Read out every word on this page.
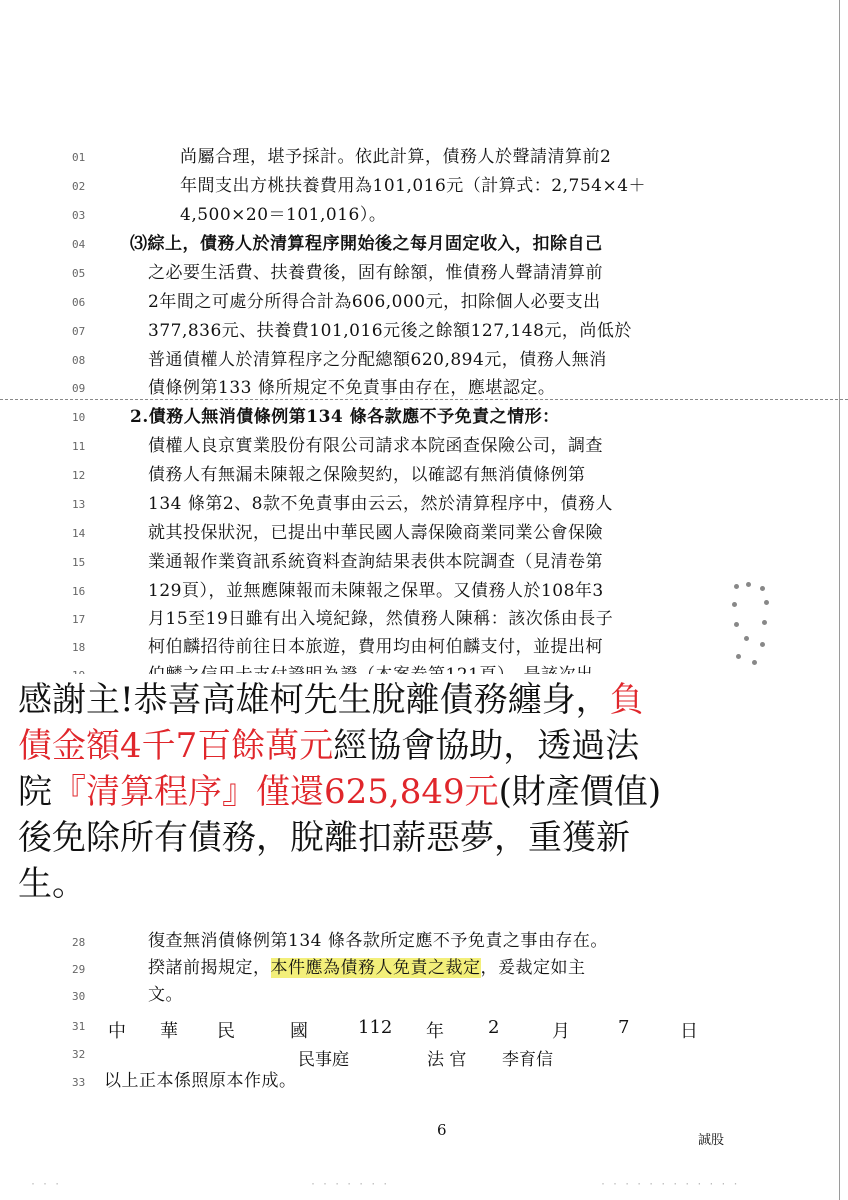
01	尚屬合理，堪予採計。依此計算，債務人於聲請清算前2
02	年間支出方桃扶養費用為101,016元（計算式：2,754×4＋
03	4,500×20＝101,016）。
04	⑶綜上，債務人於清算程序開始後之每月固定收入，扣除自己
05	之必要生活費、扶養費後，固有餘額，惟債務人聲請清算前
06	2年間之可處分所得合計為606,000元，扣除個人必要支出
07	377,836元、扶養費101,016元後之餘額127,148元，尚低於
08	普通債權人於清算程序之分配總額620,894元，債務人無消
09	債條例第133 條所規定不免責事由存在，應堪認定。
10	2.債務人無消債條例第134 條各款應不予免責之情形：
11	債權人良京實業股份有限公司請求本院函查保險公司，調查
12	債務人有無漏未陳報之保險契約，以確認有無消債條例第
13	134 條第2、8款不免責事由云云，然於清算程序中，債務人
14	就其投保狀況，已提出中華民國人壽保險商業同業公會保險
15	業通報作業資訊系統資料查詢結果表供本院調查（見清卷第
16	129頁），並無應陳報而未陳報之保單。又債務人於108年3
17	月15至19日雖有出入境紀錄，然債務人陳稱：該次係由長子
18	柯伯麟招待前往日本旅遊，費用均由柯伯麟支付，並提出柯
感謝主!恭喜高雄柯先生脫離債務纏身，負
債金額4千7百餘萬元經協會協助，透過法
院『清算程序』僅還625,849元(財產價值)
後免除所有債務，脫離扣薪惡夢，重獲新
生。
28	復查無消債條例第134 條各款所定應不予免責之事由存在。
29	揆諸前揭規定，本件應為債務人免責之裁定，爰裁定如主
30	文。
31	中 華 民	國	112 年 2	月	7	日
32	民事庭	法 官 李育信
33	以上正本係照原本作成。
6
誠股
· · ·	· · · · · · ·	· · · · · · · · · · · ·
